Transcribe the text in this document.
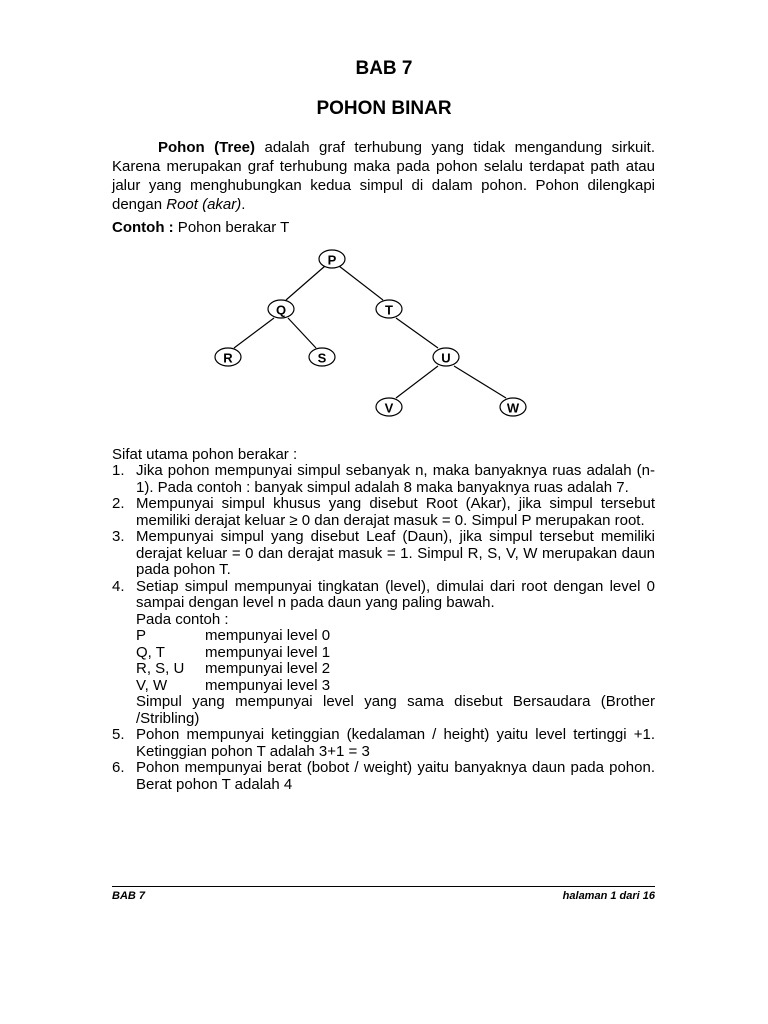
BAB 7
POHON BINAR

Pohon (Tree) adalah graf terhubung yang tidak mengandung sirkuit. Karena merupakan graf terhubung maka pada pohon selalu terdapat path atau jalur yang menghubungkan kedua simpul di dalam pohon. Pohon dilengkapi dengan Root (akar).

Contoh : Pohon berakar T
P
Q	T
R	S	U
V	W
Sifat utama pohon berakar :
1. Jika pohon mempunyai simpul sebanyak n, maka banyaknya ruas adalah (n-1). Pada contoh : banyak simpul adalah 8 maka banyaknya ruas adalah 7.
2. Mempunyai simpul khusus yang disebut Root (Akar), jika simpul tersebut memiliki derajat keluar ≥ 0 dan derajat masuk = 0. Simpul P merupakan root.
3. Mempunyai simpul yang disebut Leaf (Daun), jika simpul tersebut memiliki derajat keluar = 0 dan derajat masuk = 1. Simpul R, S, V, W merupakan daun pada pohon T.
4. Setiap simpul mempunyai tingkatan (level), dimulai dari root dengan level 0 sampai dengan level n pada daun yang paling bawah.
Pada contoh :
P	mempunyai level 0
Q, T	mempunyai level 1
R, S, U	mempunyai level 2
V, W	mempunyai level 3
Simpul yang mempunyai level yang sama disebut Bersaudara (Brother /Stribling)
5. Pohon mempunyai ketinggian (kedalaman / height) yaitu level tertinggi +1. Ketinggian pohon T adalah 3+1 = 3
6. Pohon mempunyai berat (bobot / weight) yaitu banyaknya daun pada pohon. Berat pohon T adalah 4
BAB 7	halaman 1 dari 16
